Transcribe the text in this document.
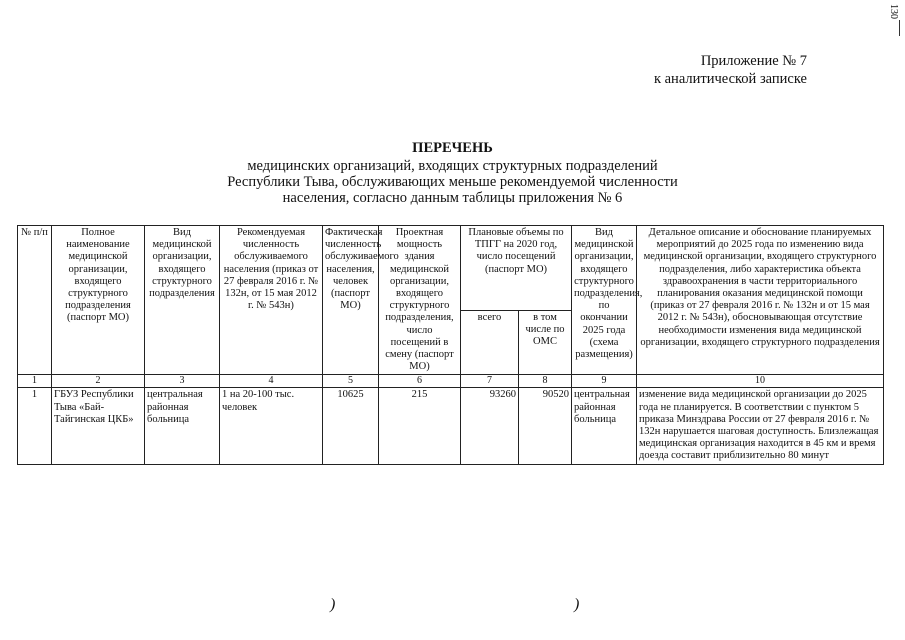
130
Приложение № 7
к аналитической записке
ПЕРЕЧЕНЬ
медицинских организаций, входящих структурных подразделений
Республики Тыва, обслуживающих меньше рекомендуемой численности
населения, согласно данным таблицы приложения № 6
№ п/п	Полное наименование медицинской организации, входящего структурного подразделения (паспорт МО)	Вид медицинской организации, входящего структурного подразделения	Рекомендуемая численность обслуживаемого населения (приказ от 27 февраля 2016 г. № 132н, от 15 мая 2012 г. № 543н)	Фактическая численность обслуживаемого населения, человек (паспорт МО)	Проектная мощность здания медицинской организации, входящего структурного подразделения, число посещений в смену (паспорт МО)	Плановые объемы по ТПГГ на 2020 год, число посещений (паспорт МО)		Вид медицинской организации, входящего структурного подразделения, по окончании 2025 года (схема размещения)	Детальное описание и обоснование планируемых мероприятий до 2025 года по изменению вида медицинской организации, входящего структурного подразделения, либо характеристика объекта здравоохранения в части территориального планирования оказания медицинской помощи (приказ от 27 февраля 2016 г. № 132н и от 15 мая 2012 г. № 543н), обосновывающая отсутствие необходимости изменения вида медицинской организации, входящего структурного подразделения
						всего	в том числе по ОМС		
1	2	3	4	5	6	7	8	9	10
1	ГБУЗ Республики Тыва «Бай-Тайгинская ЦКБ»	центральная районная больница	1 на 20-100 тыс. человек	10625	215	93260	90520	центральная районная больница	изменение вида медицинской организации до 2025 года не планируется. В соответствии с пунктом 5 приказа Минздрава России от 27 февраля 2016 г. № 132н нарушается шаговая доступность. Близлежащая медицинская организация находится в 45 км и время доезда составит приблизительно 80 минут
)	)
